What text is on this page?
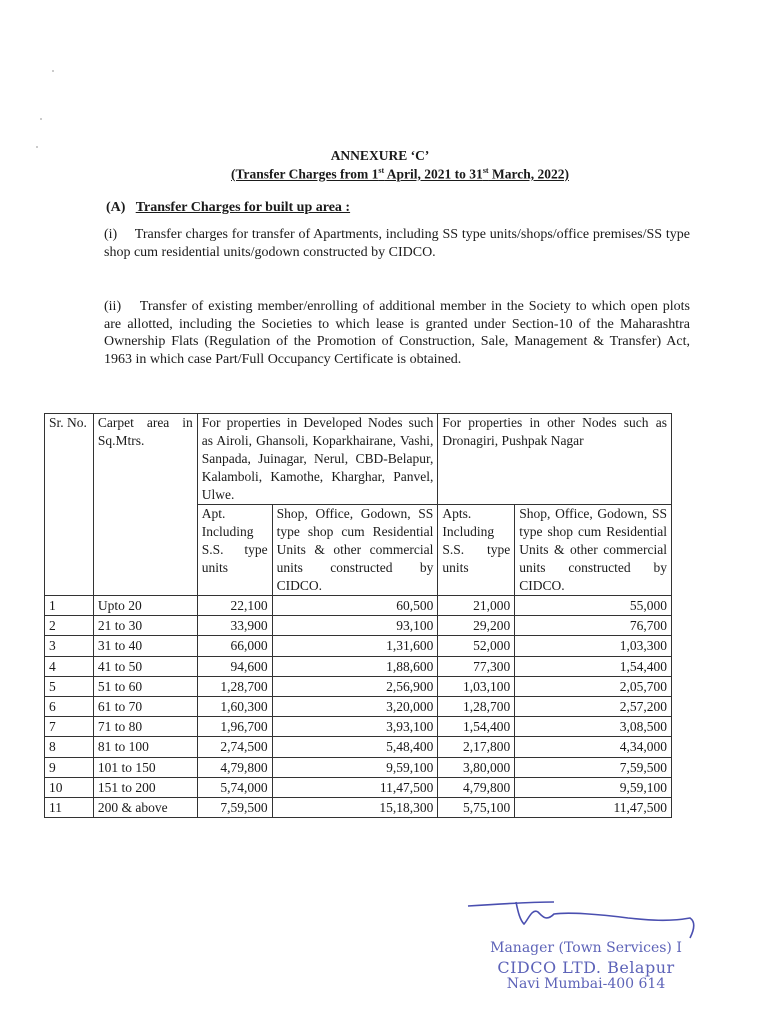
ANNEXURE ‘C’
(Transfer Charges from 1st April, 2021 to 31st March, 2022)
(A) Transfer Charges for built up area :
(i)  Transfer charges for transfer of Apartments, including SS type units/shops/office premises/SS type shop cum residential units/godown constructed by CIDCO.
(ii)  Transfer of existing member/enrolling of additional member in the Society to which open plots are allotted, including the Societies to which lease is granted under Section-10 of the Maharashtra Ownership Flats (Regulation of the Promotion of Construction, Sale, Management & Transfer) Act, 1963 in which case Part/Full Occupancy Certificate is obtained.
Sr. No.	Carpet area in Sq.Mtrs.	For properties in Developed Nodes such as Airoli, Ghansoli, Koparkhairane, Vashi, Sanpada, Juinagar, Nerul, CBD-Belapur, Kalamboli, Kamothe, Kharghar, Panvel, Ulwe.		For properties in other Nodes such as Dronagiri, Pushpak Nagar	
		Apt. Including S.S. type units	Shop, Office, Godown, SS type shop cum Residential Units & other commercial units constructed by CIDCO.	Apts. Including S.S. type units	Shop, Office, Godown, SS type shop cum Residential Units & other commercial units constructed by CIDCO.
1	Upto 20	22,100	60,500	21,000	55,000
2	21 to 30	33,900	93,100	29,200	76,700
3	31 to 40	66,000	1,31,600	52,000	1,03,300
4	41 to 50	94,600	1,88,600	77,300	1,54,400
5	51 to 60	1,28,700	2,56,900	1,03,100	2,05,700
6	61 to 70	1,60,300	3,20,000	1,28,700	2,57,200
7	71 to 80	1,96,700	3,93,100	1,54,400	3,08,500
8	81 to 100	2,74,500	5,48,400	2,17,800	4,34,000
9	101 to 150	4,79,800	9,59,100	3,80,000	7,59,500
10	151 to 200	5,74,000	11,47,500	4,79,800	9,59,100
11	200 & above	7,59,500	15,18,300	5,75,100	11,47,500
Manager (Town Services) I
CIDCO LTD. Belapur
Navi Mumbai-400 614
